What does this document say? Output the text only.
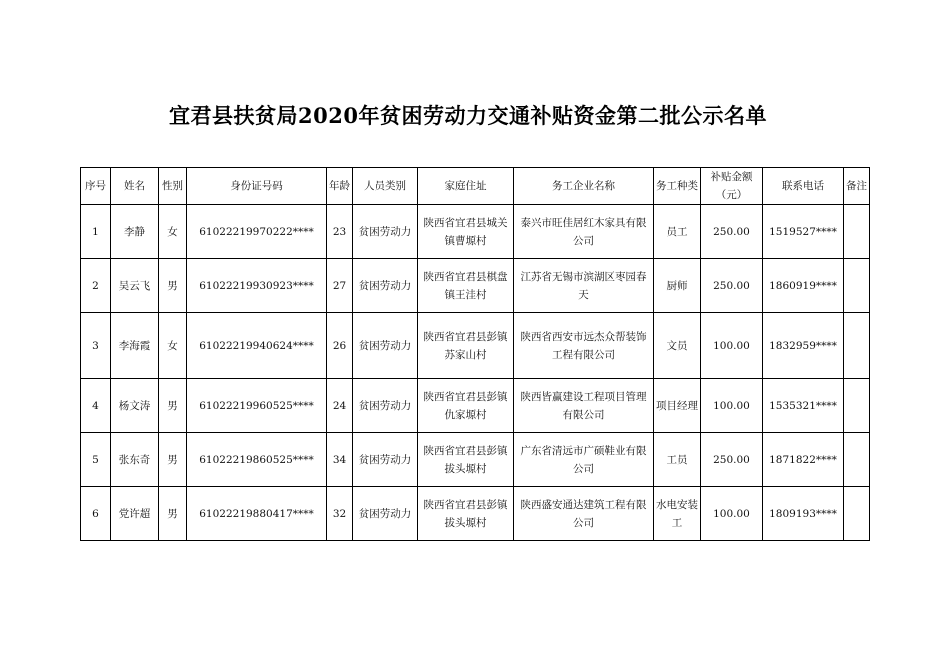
宜君县扶贫局2020年贫困劳动力交通补贴资金第二批公示名单
序号	姓名	性别	身份证号码	年龄	人员类别	家庭住址	务工企业名称	务工种类	补贴金额（元）	联系电话	备注
1	李静	女	61022219970222****	23	贫困劳动力	陕西省宜君县城关镇曹塬村	泰兴市旺佳居红木家具有限公司	员工	250.00	1519527****	
2	吴云飞	男	61022219930923****	27	贫困劳动力	陕西省宜君县棋盘镇王洼村	江苏省无锡市滨湖区枣园春天	厨师	250.00	1860919****	
3	李海霞	女	61022219940624****	26	贫困劳动力	陕西省宜君县彭镇苏家山村	陕西省西安市远杰众帮装饰工程有限公司	文员	100.00	1832959****	
4	杨文涛	男	61022219960525****	24	贫困劳动力	陕西省宜君县彭镇仇家塬村	陕西皆赢建设工程项目管理有限公司	项目经理	100.00	1535321****	
5	张东奇	男	61022219860525****	34	贫困劳动力	陕西省宜君县彭镇拔头塬村	广东省清远市广硕鞋业有限公司	工员	250.00	1871822****	
6	党许超	男	61022219880417****	32	贫困劳动力	陕西省宜君县彭镇拔头塬村	陕西盛安通达建筑工程有限公司	水电安装工	100.00	1809193****	
